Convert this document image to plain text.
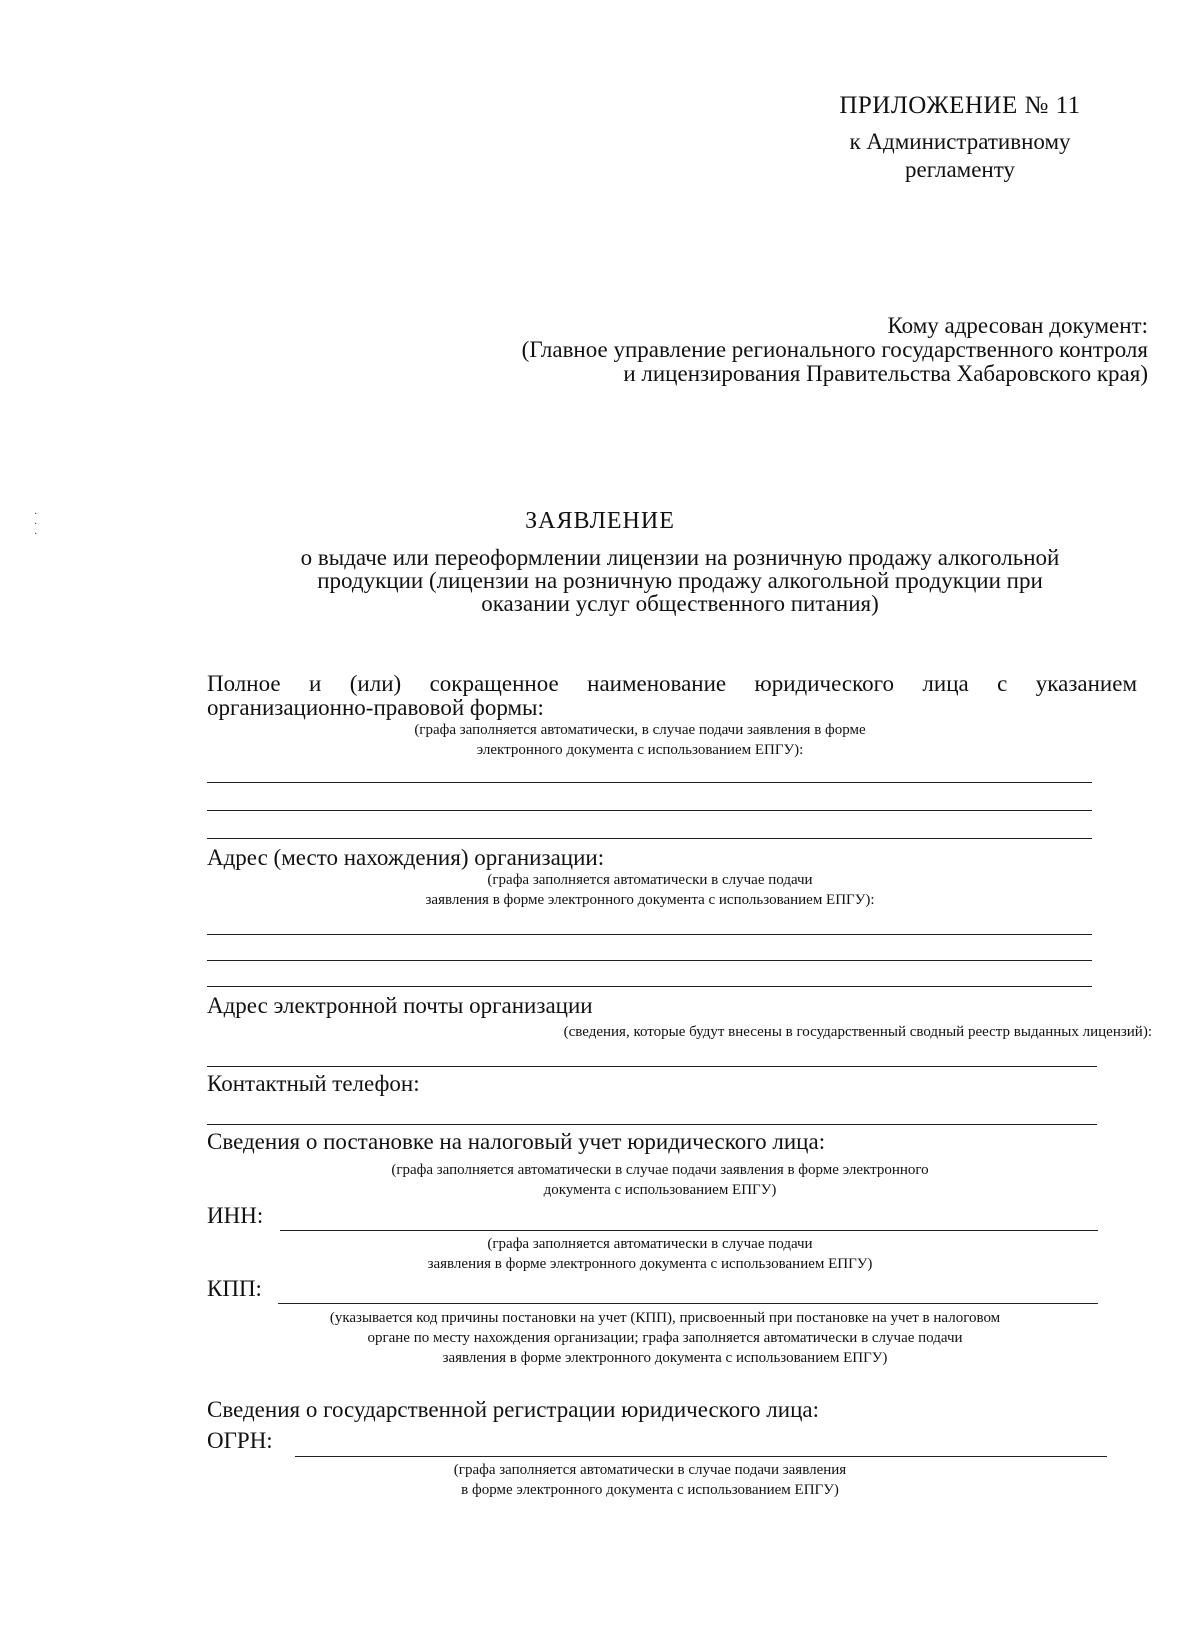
·
·
·
ПРИЛОЖЕНИЕ № 11
к Административному
регламенту
Кому адресован документ:
(Главное управление регионального государственного контроля
и лицензирования Правительства Хабаровского края)
ЗАЯВЛЕНИЕ
о выдаче или переоформлении лицензии на розничную продажу алкогольной
продукции (лицензии на розничную продажу алкогольной продукции при
оказании услуг общественного питания)
Полное и (или) сокращенное наименование юридического лица с указанием
организационно-правовой формы:
(графа заполняется автоматически, в случае подачи заявления в форме
электронного документа с использованием ЕПГУ):
Адрес (место нахождения) организации:
(графа заполняется автоматически в случае подачи
заявления в форме электронного документа с использованием ЕПГУ):
Адрес электронной почты организации
(сведения, которые будут внесены в государственный сводный реестр выданных лицензий):
Контактный телефон:
Сведения о постановке на налоговый учет юридического лица:
(графа заполняется автоматически в случае подачи заявления в форме электронного
документа с использованием ЕПГУ)
ИНН:
(графа заполняется автоматически в случае подачи
заявления в форме электронного документа с использованием ЕПГУ)
КПП:
(указывается код причины постановки на учет (КПП), присвоенный при постановке на учет в налоговом
органе по месту нахождения организации; графа заполняется автоматически в случае подачи
заявления в форме электронного документа с использованием ЕПГУ)
Сведения о государственной регистрации юридического лица:
ОГРН:
(графа заполняется автоматически в случае подачи заявления
в форме электронного документа с использованием ЕПГУ)
